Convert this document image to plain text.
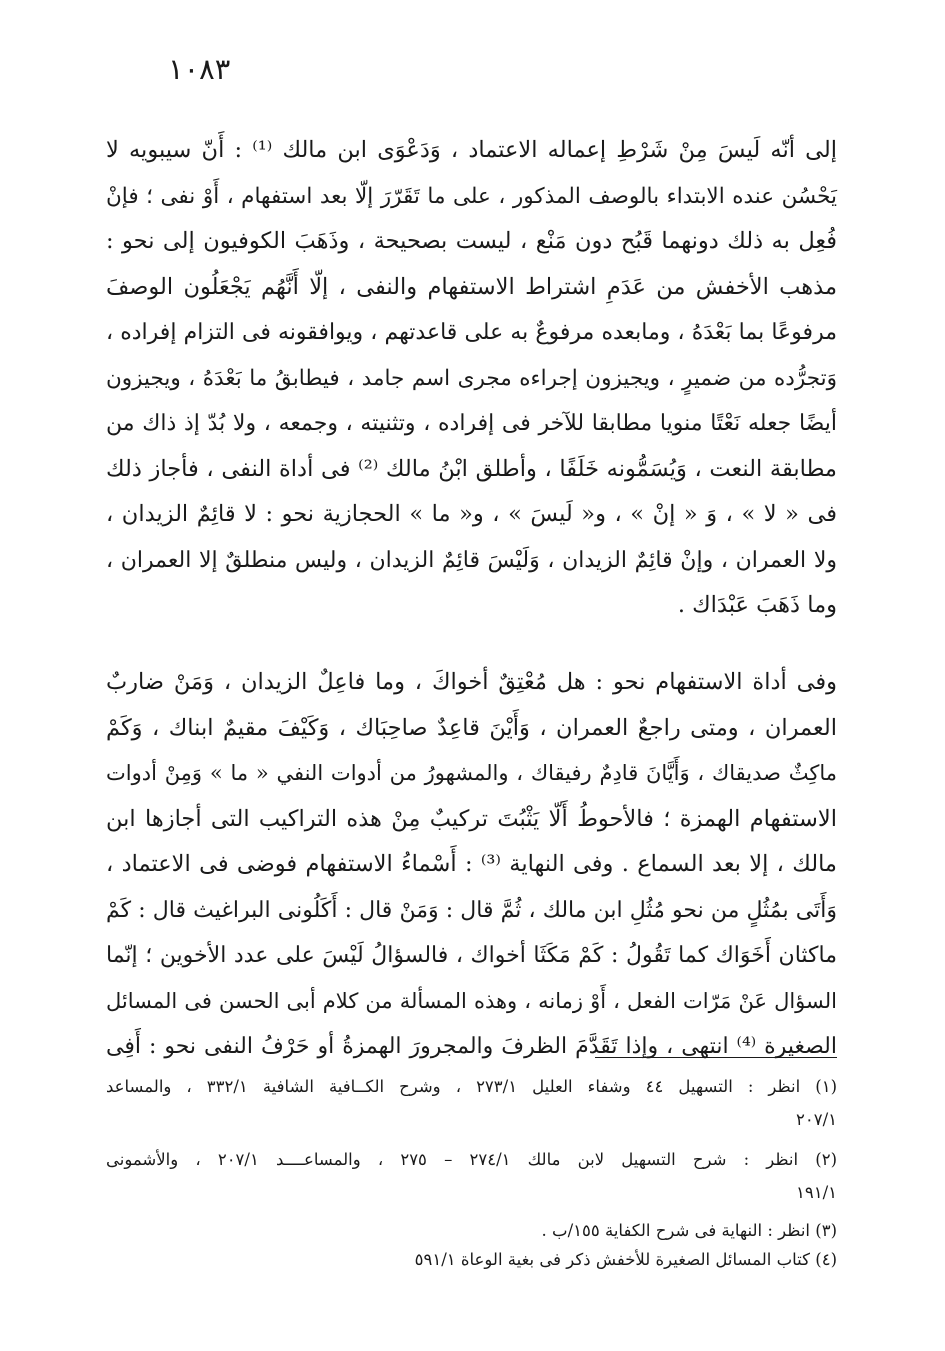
١٠٨٣
إلى أنّه لَيسَ مِنْ شَرْطِ إعماله الاعتماد ، وَدَعْوَى ابن مالك ⁽¹⁾ : أَنّ سيبويه لا
يَحْسُن عنده الابتداء بالوصف المذكور ، على ما تَقَرّرَ إلّا بعد استفهام ، أَوْ نفى ؛ فإنْ
فُعِل به ذلك دونهما قَبُح دون مَنْع ، ليست بصحيحة ، وذَهَبَ الكوفيون إلى نحو :
مذهب الأخفش من عَدَمِ اشتراط الاستفهام والنفى ، إلّا أَنَّهُم يَجْعَلُون الوصفَ
مرفوعًا بما بَعْدَهُ ، ومابعده مرفوعٌ به على قاعدتهم ، ويوافقونه فى التزام إفراده ،
وَتجرُّده من ضميرٍ ، ويجيزون إجراءه مجرى اسم جامد ، فيطابقُ ما بَعْدَهُ ، ويجيزون
أيضًا جعله نَعْتًا منويا مطابقا للآخر فى إفراده ، وتثنيته ، وجمعه ، ولا بُدّ إذ ذاك من
مطابقة النعت ، وَيُسَمُّونه خَلَفًا ، وأطلق ابْنُ مالك ⁽²⁾ فى أداة النفى ، فأجاز ذلك
فى « لا » ، وَ « إنْ » ، و« لَيسَ » ، و« ما » الحجازية نحو : لا قائِمٌ الزيدان ،
ولا العمران ، وإنْ قائِمٌ الزيدان ، وَلَيْسَ قائِمٌ الزيدان ، وليس منطلقٌ إلا العمران ،
وما ذَهَبَ عَبْدَاك .
وفى أداة الاستفهام نحو : هل مُعْتِقٌ أخواكَ ، وما فاعِلٌ الزيدان ، وَمَنْ ضاربٌ
العمران ، ومتى راجعٌ العمران ، وَأَيْنَ قاعِدٌ صاحِبَاك ، وَكَيْفَ مقيمٌ ابناك ، وَكَمْ
ماكِثٌ صديقاك ، وَأَيَّانَ قادِمٌ رفيقاك ، والمشهورُ من أدوات النفي « ما » وَمِنْ أدوات
الاستفهام الهمزة ؛ فالأحوطُ أَلّا يَثْبُتَ تركيبٌ مِنْ هذه التراكيب التى أجازها ابن
مالك ، إلا بعد السماع . وفى النهاية ⁽³⁾ : أَسْماءُ الاستفهام فوضى فى الاعتماد ،
وَأَتَى بمُثُلٍ من نحو مُثُلِ ابن مالك ، ثُمَّ قال : وَمَنْ قال : أَكَلُونى البراغيث قال : كَمْ
ماكثان أَخَوَاك كما تَقُولُ : كَمْ مَكَثَا أخواك ، فالسؤالُ لَيْسَ على عدد الأخوين ؛ إنّما
السؤال عَنْ مَرّات الفعل ، أَوْ زمانه ، وهذه المسألة من كلام أبى الحسن فى المسائل
الصغيرة ⁽⁴⁾ انتهى ، وإذا تَقَدَّمَ الظرفَ والمجرورَ الهمزةُ أو حَرْفُ النفى نحو : أَفِى
(١) انظر : التسهيل ٤٤ وشفاء العليل ٢٧٣/١ ، وشرح الكــافية الشافية ٣٣٢/١ ، والمساعد
٢٠٧/١
(٢) انظر : شرح التسهيل لابن مالك ٢٧٤/١ – ٢٧٥ ، والمساعــــد ٢٠٧/١ ، والأشمونى
١٩١/١
(٣) انظر : النهاية فى شرح الكفاية ١٥٥/ب .
(٤) كتاب المسائل الصغيرة للأخفش ذكر فى بغية الوعاة ٥٩١/١
